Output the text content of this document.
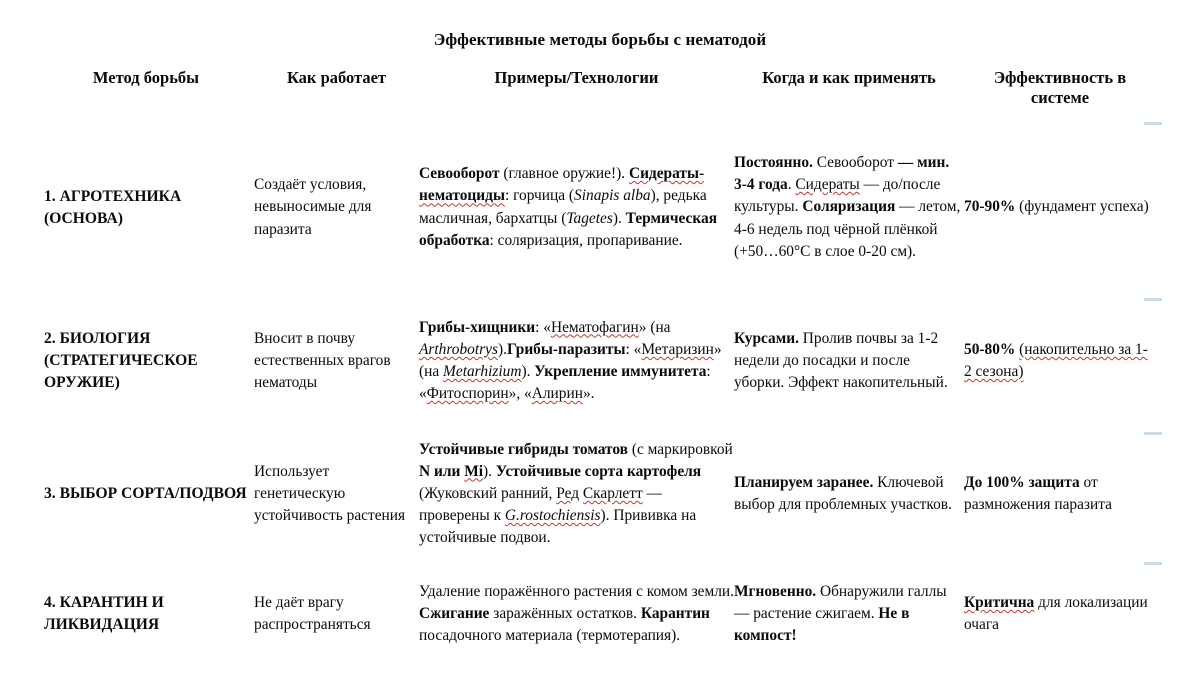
Эффективные методы борьбы с нематодой
Метод борьбы	Как работает	Примеры/Технологии	Когда и как применять	Эффективность в системе
1. АГРОТЕХНИКА (ОСНОВА)	Создаёт условия, невыносимые для паразита	Севооборот (главное оружие!). Сидераты-нематоциды: горчица (Sinapis alba), редька масличная, бархатцы (Tagetes). Термическая обработка: соляризация, пропаривание.	Постоянно. Севооборот — мин. 3-4 года. Сидераты — до/после культуры. Соляризация — летом, 4-6 недель под чёрной плёнкой (+50…60°C в слое 0-20 см).	70-90% (фундамент успеха)
2. БИОЛОГИЯ (СТРАТЕГИЧЕСКОЕ ОРУЖИЕ)	Вносит в почву естественных врагов нематоды	Грибы-хищники: «Нематофагин» (на Arthrobotrys).Грибы-паразиты: «Метаризин» (на Metarhizium). Укрепление иммунитета: «Фитоспорин», «Алирин».	Курсами. Пролив почвы за 1-2 недели до посадки и после уборки. Эффект накопительный.	50-80% (накопительно за 1-2 сезона)
3. ВЫБОР СОРТА/ПОДВОЯ	Использует генетическую устойчивость растения	Устойчивые гибриды томатов (с маркировкой N или Mi). Устойчивые сорта картофеля (Жуковский ранний, Ред Скарлетт — проверены к G.rostochiensis). Прививка на устойчивые подвои.	Планируем заранее. Ключевой выбор для проблемных участков.	До 100% защита от размножения паразита
4. КАРАНТИН И ЛИКВИДАЦИЯ	Не даёт врагу распространяться	Удаление поражённого растения с комом земли. Сжигание заражённых остатков. Карантин посадочного материала (термотерапия).	Мгновенно. Обнаружили галлы — растение сжигаем. Не в компост!	Критична для локализации очага
